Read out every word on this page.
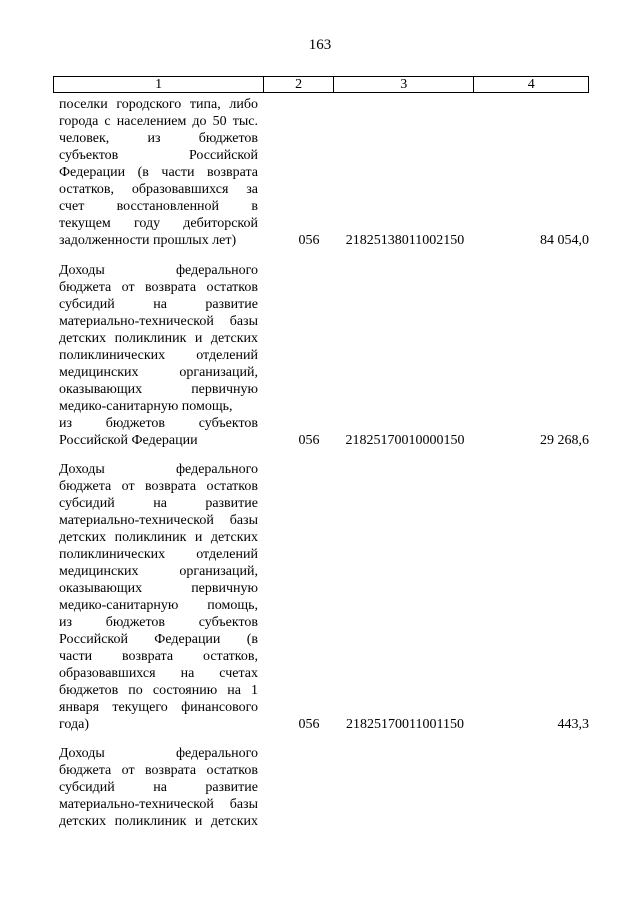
163
1	2	3	4
поселки городского типа, либо
города с населением до 50 тыс.
человек, из бюджетов
субъектов Российской
Федерации (в части возврата
остатков, образовавшихся за
счет восстановленной в
текущем году дебиторской
задолженности прошлых лет)	056	21825138011002150	84 054,0
Доходы федерального
бюджета от возврата остатков
субсидий на развитие
материально-технической базы
детских поликлиник и детских
поликлинических отделений
медицинских организаций,
оказывающих первичную
медико-санитарную помощь,
из бюджетов субъектов
Российской Федерации	056	21825170010000150	29 268,6
Доходы федерального
бюджета от возврата остатков
субсидий на развитие
материально-технической базы
детских поликлиник и детских
поликлинических отделений
медицинских организаций,
оказывающих первичную
медико-санитарную помощь,
из бюджетов субъектов
Российской Федерации (в
части возврата остатков,
образовавшихся на счетах
бюджетов по состоянию на 1
января текущего финансового
года)	056	21825170011001150	443,3
Доходы федерального
бюджета от возврата остатков
субсидий на развитие
материально-технической базы
детских поликлиник и детских
